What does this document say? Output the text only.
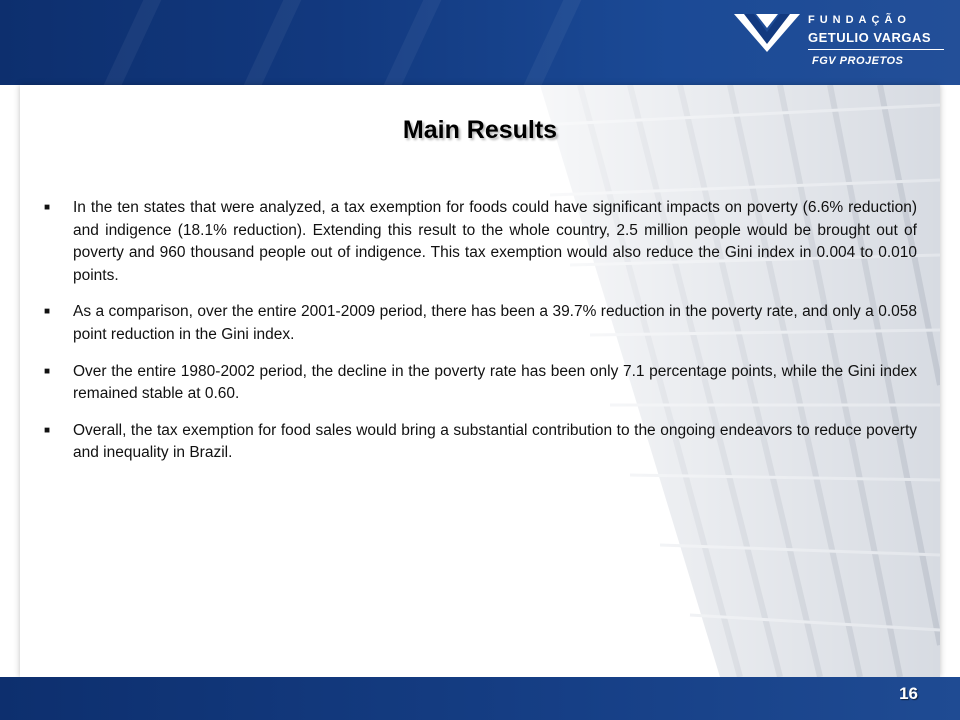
FUNDAÇÃO
GETULIO VARGAS
FGV PROJETOS
Main Results
■ In the ten states that were analyzed, a tax exemption for foods could have significant impacts on poverty (6.6% reduction) and indigence (18.1% reduction). Extending this result to the whole country, 2.5 million people would be brought out of poverty and 960 thousand people out of indigence. This tax exemption would also reduce the Gini index in 0.004 to 0.010 points.
■ As a comparison, over the entire 2001-2009 period, there has been a 39.7% reduction in the poverty rate, and only a 0.058 point reduction in the Gini index.
■ Over the entire 1980-2002 period, the decline in the poverty rate has been only 7.1 percentage points, while the Gini index remained stable at 0.60.
■ Overall, the tax exemption for food sales would bring a substantial contribution to the ongoing endeavors to reduce poverty and inequality in Brazil.
16
